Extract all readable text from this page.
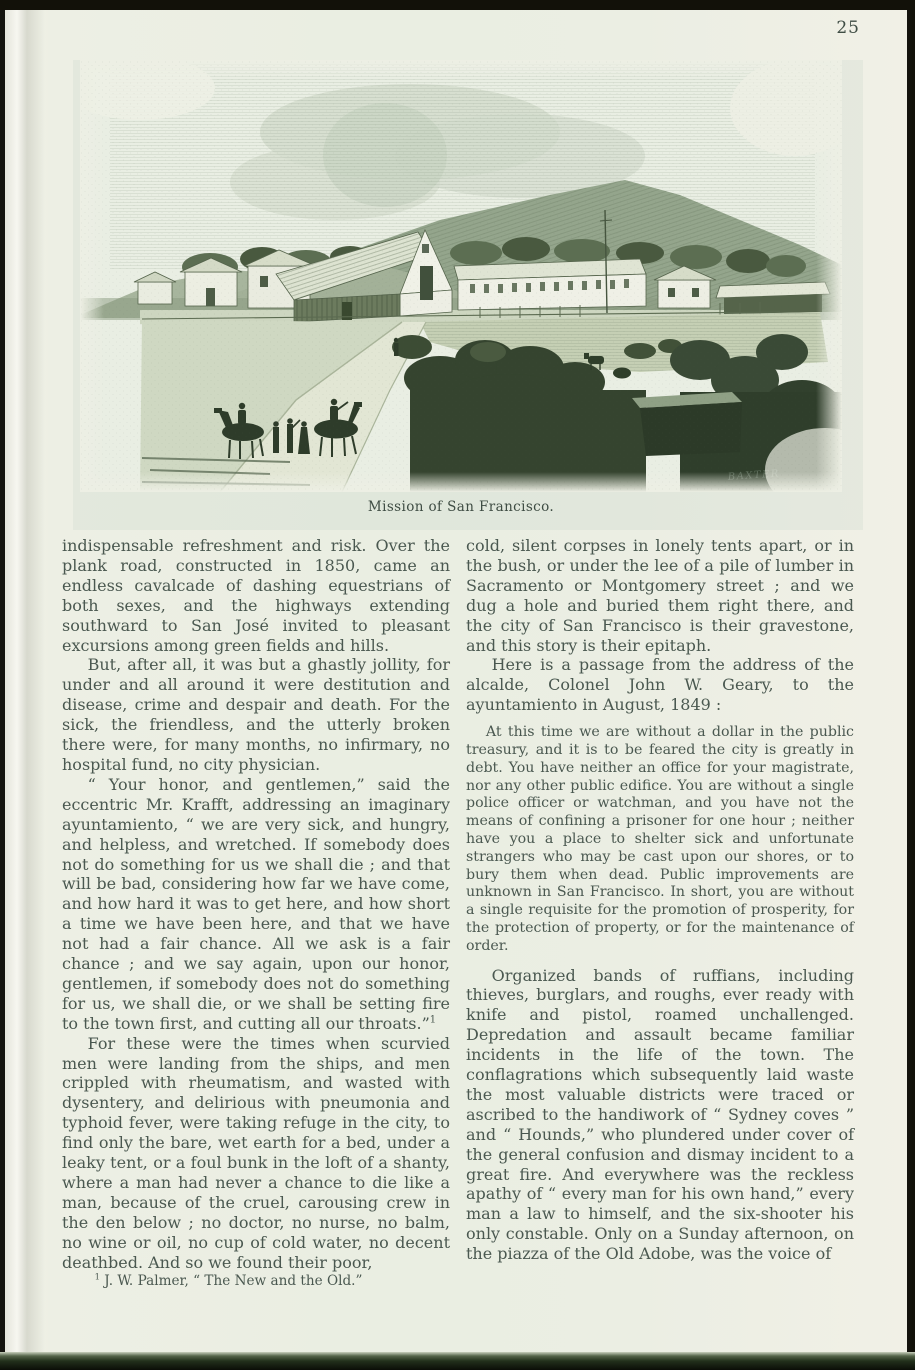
25
Mission of San Francisco.

indispensable refreshment and risk. Over the plank road, constructed in 1850, came an endless cavalcade of dashing equestrians of both sexes, and the highways extending southward to San José invited to pleasant excursions among green fields and hills.

But, after all, it was but a ghastly jollity, for under and all around it were destitution and disease, crime and despair and death. For the sick, the friendless, and the utterly broken there were, for many months, no infirmary, no hospital fund, no city physician.

“ Your honor, and gentlemen,” said the eccentric Mr. Krafft, addressing an imaginary ayuntamiento, “ we are very sick, and hungry, and helpless, and wretched. If somebody does not do something for us we shall die ; and that will be bad, considering how far we have come, and how hard it was to get here, and how short a time we have been here, and that we have not had a fair chance. All we ask is a fair chance ; and we say again, upon our honor, gentlemen, if somebody does not do something for us, we shall die, or we shall be setting fire to the town first, and cutting all our throats.”$^1$

For these were the times when scurvied men were landing from the ships, and men crippled with rheumatism, and wasted with dysentery, and delirious with pneumonia and typhoid fever, were taking refuge in the city, to find only the bare, wet earth for a bed, under a leaky tent, or a foul bunk in the loft of a shanty, where a man had never a chance to die like a man, because of the cruel, carousing crew in the den below ; no doctor, no nurse, no balm, no wine or oil, no cup of cold water, no decent deathbed. And so we found their poor,

$^1$ J. W. Palmer, “ The New and the Old.”

cold, silent corpses in lonely tents apart, or in the bush, or under the lee of a pile of lumber in Sacramento or Montgomery street ; and we dug a hole and buried them right there, and the city of San Francisco is their gravestone, and this story is their epitaph.

Here is a passage from the address of the alcalde, Colonel John W. Geary, to the ayuntamiento in August, 1849 :

At this time we are without a dollar in the public treasury, and it is to be feared the city is greatly in debt. You have neither an office for your magistrate, nor any other public edifice. You are without a single police officer or watchman, and you have not the means of confining a prisoner for one hour ; neither have you a place to shelter sick and unfortunate strangers who may be cast upon our shores, or to bury them when dead. Public improvements are unknown in San Francisco. In short, you are without a single requisite for the promotion of prosperity, for the protection of property, or for the maintenance of order.

Organized bands of ruffians, including thieves, burglars, and roughs, ever ready with knife and pistol, roamed unchallenged. Depredation and assault became familiar incidents in the life of the town. The conflagrations which subsequently laid waste the most valuable districts were traced or ascribed to the handiwork of “ Sydney coves ” and “ Hounds,” who plundered under cover of the general confusion and dismay incident to a great fire. And everywhere was the reckless apathy of “ every man for his own hand,” every man a law to himself, and the six-shooter his only constable. Only on a Sunday afternoon, on the piazza of the Old Adobe, was the voice of
